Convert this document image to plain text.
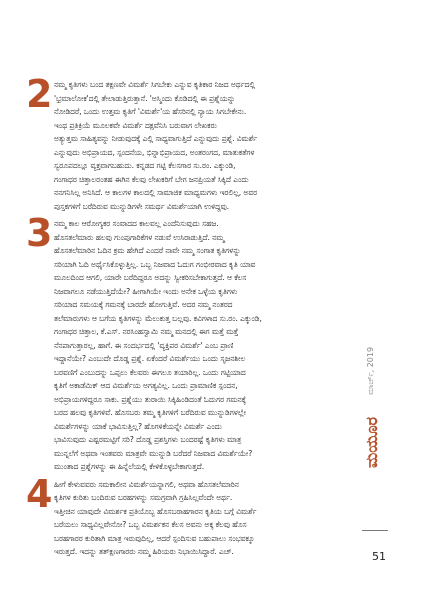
2 ನಮ್ಮ ಕೃತಿಗಳು ಬಂದ ತಕ್ಷಣವೇ ವಿಮರ್ಶೆ ಸಿಗಬೇಕು ಎನ್ನುವ ಕೃತಿಕಾರ ನಿಜದ ಅರ್ಥದಲ್ಲಿ
'ಭ್ರಮಾಲೋಕ'ದಲ್ಲಿ ತೇಲಾಡುತ್ತಿರುತ್ತಾನೆ. 'ಅಸ್ಮಿಂದು ಕೊಡಿದಲ್ಲಿ ಈ ಪ್ರಶ್ನೆಯನ್ನು
ನೋಡಿದರೆ, ಒಂದು ಉತ್ತಮ ಕೃತಿಗೆ 'ವಿಮರ್ಶೆ'ಯ ಹೆಸರಿನಲ್ಲಿ ನ್ಯಾಯ ಸಿಗಬೇಕೇನು.
ಇಂಥ ಪ್ರತಿಕ್ರಿಯೆ ಮೂಲಕವೇ ವಿಮರ್ಶೆ ದಕ್ಷವೆನಿಸಿ ಬರುವಾಗ ಲೇಖಕರು
ಅತ್ಯುತ್ತಮ ಸಾಹಿತ್ಯವನ್ನು ನೀಡುವುದಕ್ಕೆ ಎಲ್ಲಿ ಸಾಧ್ಯವಾಗುತ್ತಿದೆ ಎನ್ನುವುದು ಪ್ರಶ್ನೆ. ವಿಮರ್ಶೆ
ಎನ್ನುವುದು ಅಭಿಪ್ರಾಯದ, ಸ್ಪಂದನೆಯ, ಭಿನ್ನಾಭಿಪ್ರಾಯದ, ಅಂತರಂಗದ, ಮಾತುಕತೆಗಳ
ಸ್ವರೂಪದಲ್ಲೂ ವ್ಯಕ್ತವಾಗಬಹುದು. ಕನ್ನಡದ ಗಟ್ಟಿ ಕೆಲಸಗಾರ ಸು.ರಂ. ಎಕ್ಕುಂಡಿ,
ಗಂಗಾಧರ ಚಿತ್ತಾಲರಂತಹ ಈಗಿನ ಕೆಲವು ಲೇಖಕರಿಗೆ ಬೇಗ ಜನಪ್ರಿಯತೆ ಸಿಕ್ಕಿದೆ ಎಂದು
ನನಗನಿಸಿಲ್ಲ ಅನಿಸಿದೆ. ಆ ಕಾಲಗಳ ಕಾಲದಲ್ಲಿ ಸಾಮಾಜಿಕ ಮಾಧ್ಯಮಗಳು ಇರಲಿಲ್ಲ, ಅವರ
ಪುಸ್ತಕಗಳಿಗೆ ಬರೆದಿರುವ ಮುನ್ನುಡಿಗಳೇ ಸಮರ್ಥ ವಿಮರ್ಶೆಯಾಗಿ ಉಳಿದ್ದವು.
3 ನಮ್ಮ ಕಾಲ ಆರೋಗ್ಯಕರ ಸಂವಾದದ ಕಾಲವಲ್ಲ ಎಂದೆನಿಸುವುದು ಸಹಜ.
ಹೊಸತಲೆಮಾರು ಹಲವು ಗುಂಪುಗಾರಿಕೆಗಳ ನಡುವೆ ಉಸಿರಾಡುತ್ತಿದೆ. ನಮ್ಮ
ಹೊಸತಲೆಮಾರಿನ ಓದಿನ ಕ್ರಮ ಹೇಗಿದೆ ಎಂದರೆ ನಾವೇ ನಮ್ಮ ಸಂಗಾತ ಕೃತಿಗಳನ್ನು
ಸರಿಯಾಗಿ ಓದಿ ಅರ್ಥೈಸಿಕೊಳ್ಳುತ್ತಿಲ್ಲ. ಒಬ್ಬ ನಿಜವಾದ ಓದುಗ ಗಂಭೀರವಾದ ಕೃತಿ ಯಾವ
ಮೂಲದಿಂದ ಆಗಲಿ, ಯಾರೇ ಬರೆದಿದ್ದರೂ ಅದನ್ನು ಸ್ವೀಕರಿಸಬೇಕಾಗುತ್ತದೆ. ಆ ಕೆಲಸ
ನಿಜವಾಗಲೂ ನಡೆಯುತ್ತಿದೆಯೇ? ಹೀಗಾಗಿಯೇ ಇಂದು ಅನೇಕ ಒಳ್ಳೆಯ ಕೃತಿಗಳು
ಸರಿಯಾದ ಸಮಯಕ್ಕೆ ಗಮನಕ್ಕೆ ಬಾರದೇ ಹೋಗುತ್ತಿವೆ. ಅದರ ನಮ್ಮ ನಂತರದ
ತಲೆಮಾರುಗಳು ಆ ಬಗೆಯ ಕೃತಿಗಳನ್ನು ಮೆಲುಕುತ್ತ ಬಲ್ಲವು. ಕವಿಗಳಾದ ಸು.ರಂ. ಎಕ್ಕುಂಡಿ,
ಗಂಗಾಧರ ಚಿತ್ತಾಲ, ಕೆ.ಎಸ್. ನರಸಿಂಹಸ್ವಾಮಿ ನಮ್ಮ ಮನದಲ್ಲಿ ಈಗ ಮತ್ತೆ ಮತ್ತೆ
ನೆನಪಾಗುತ್ತಾರಲ್ಲ, ಹಾಗೆ. ಈ ಸಂದರ್ಭದಲ್ಲಿ 'ವ್ಯಕ್ತಿಪರ ವಿಮರ್ಶೆ' ಎಂಬ ಪ್ರಾಣಿ
ಇದ್ದಾನೆಯೇ? ಎಂಬುದೇ ದೊಡ್ಡ ಪ್ರಶ್ನೆ. ಏಕೆಂದರೆ ವಿಮರ್ಶೆಯು ಒಂದು ಸೃಜನಶೀಲ
ಬರವಣಿಗೆ ಎಂಬುದನ್ನು ಒಪ್ಪಲು ಕೆಲವರು ಈಗಲೂ ತಯಾರಿಲ್ಲ. ಒಂದು ಗಟ್ಟಿಯಾದ
ಕೃತಿಗೆ ಅಕಾಡೆಮಿಕ್ ಆದ ವಿಮರ್ಶೆಯ ಅಗತ್ಯವಿಲ್ಲ. ಒಂದು ಪ್ರಾಮಾಣಿಕ ಸ್ಪಂದನ,
ಅಭಿಪ್ರಾಯಗಳಿದ್ದರೂ ಸಾಕು. ಪ್ರಶ್ನೆಯು ತುರಾಯಿ ಸಿಕ್ಕಿಹಿಂಡಿದಂತೆ ಓದುಗರ ಗಮನಕ್ಕೆ
ಬರದ ಹಲವು ಕೃತಿಗಳಿವೆ. ಹೊಸಬರು ತಮ್ಮ ಕೃತಿಗಳಿಗೆ ಬರೆದಿರುವ ಮುನ್ನುಡಿಗಳಲ್ಲೇ
ವಿಮರ್ಶೆಗಳನ್ನು ಯಾಕೆ ಭಾವಿಸುತ್ತಿಲ್ಲ? ಹೊಗಳಿಕೆಯನ್ನೇ ವಿಮರ್ಶೆ ಎಂದು
ಭಾವಿಸುವುದು ಎಷ್ಟರಮಟ್ಟಿಗೆ ಸರಿ? ದೊಡ್ಡ ಪ್ರಶಸ್ತಿಗಳು ಬಂದರಷ್ಟೆ ಕೃತಿಗಳು ಮಾತ್ರ
ಮುನ್ನಲೆಗೆ ಅಥವಾ ಇಂತವರು ಮಾತ್ರವೇ ಮುನ್ನುಡಿ ಬರೆದರೆ ನಿಜವಾದ ವಿಮರ್ಶೆಯೇ?
ಮುಂತಾದ ಪ್ರಶ್ನೆಗಳನ್ನು ಈ ಹಿನ್ನೆಲೆಯಲ್ಲಿ ಕೇಳಿಕೊಳ್ಳಬೇಕಾಗುತ್ತದೆ.
4 ಹೀಗೆ ಕೇಳುವವರು ಸಮಕಾಲೀನ ವಿಮರ್ಶೆಯನ್ನಾಗಲಿ, ಅಥವಾ ಹೊಸತಲೆಮಾರಿನ
ಕೃತಿಗಳ ಕುರಿತು ಬಂದಿರುವ ಬರಹಗಳನ್ನು ಸಮಗ್ರವಾಗಿ ಗ್ರಹಿಸಿಲ್ಲವೆಂದೇ ಅರ್ಥ.
ಇತ್ತೀಚಿನ ಯಾವುದೇ ವಿಮರ್ಶಕ ಪ್ರತಿಯೊಬ್ಬ ಹೊಸಬರಾಹಗಾರನ ಕೃತಿಯ ಬಗ್ಗೆ ವಿಮರ್ಶೆ
ಬರೆಯಲು ಸಾಧ್ಯವಿಲ್ಲವೇನೋ? ಒಬ್ಬ ವಿಮರ್ಶಕನ ಕೆಲಸ ಅವನು ಅಕ್ಕ ಕೆಲವು ಹೊಸ
ಬರಹಗಾರರ ಕುರಿತಾಗಿ ಮಾತ್ರ ಇರುವುದಿಲ್ಲ, ಆದರೆ ಸ್ಪಂದಿಸುವ ಬಹುಪಾಲು ಸಂಭವಕ್ಕೂ
ಇರುತ್ತದೆ. ಇದನ್ನು ತತ್ಕ್ಷಣಗಾರರು ನಮ್ಮ ಹಿರಿಯರು ನಿಭಾಯಿಸಿದ್ದಾರೆ. ಎಚ್.
ಮಾರ್ಚ್, 2019
ಮಯೂರ
51
